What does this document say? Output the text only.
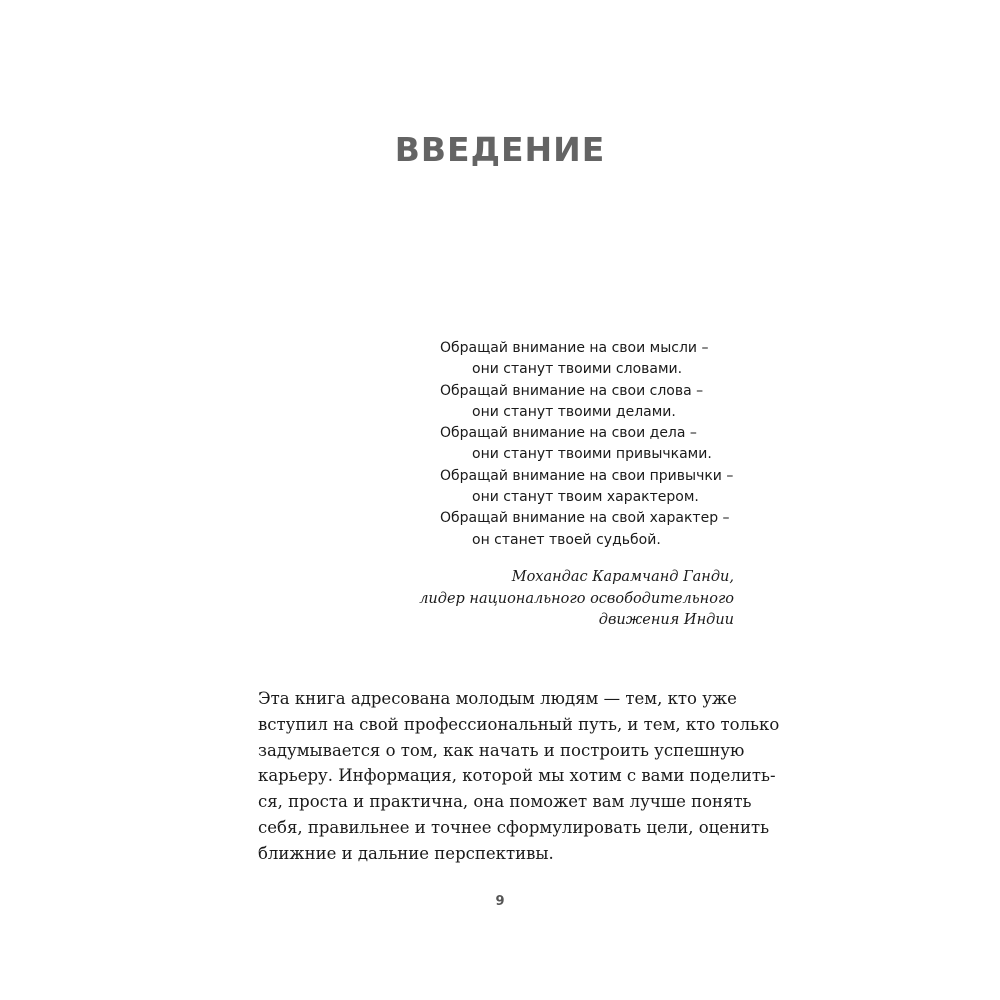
ВВЕДЕНИЕ
Обращай внимание на свои мысли –
они станут твоими словами.
Обращай внимание на свои слова –
они станут твоими делами.
Обращай внимание на свои дела –
они станут твоими привычками.
Обращай внимание на свои привычки –
они станут твоим характером.
Обращай внимание на свой характер –
он станет твоей судьбой.
Мохандас Карамчанд Ганди,
лидер национального освободительного
движения Индии
Эта книга адресована молодым людям — тем, кто уже
вступил на свой профессиональный путь, и тем, кто только
задумывается о том, как начать и построить успешную
карьеру. Информация, которой мы хотим с вами поделить-
ся, проста и практична, она поможет вам лучше понять
себя, правильнее и точнее сформулировать цели, оценить
ближние и дальние перспективы.
9
